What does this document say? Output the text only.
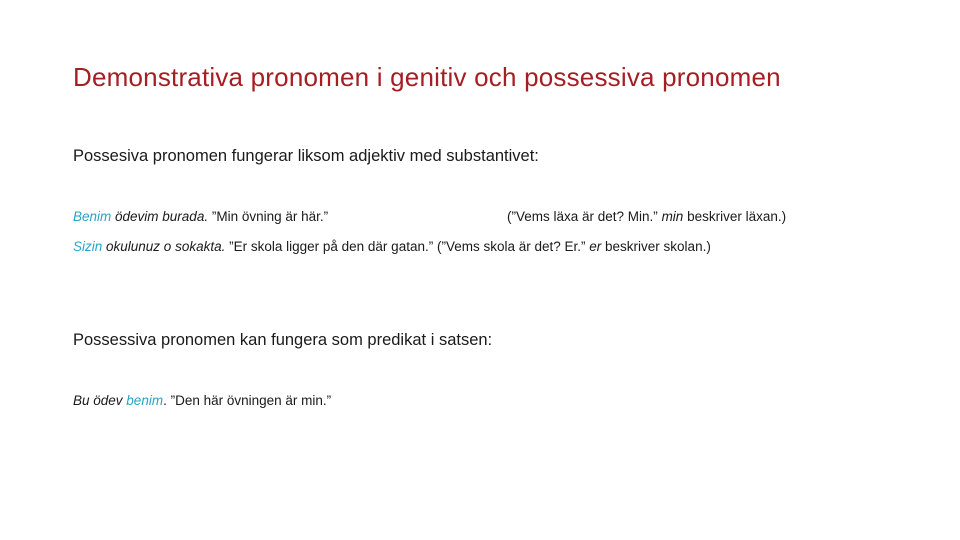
Demonstrativa pronomen i genitiv och possessiva pronomen
Possesiva pronomen fungerar liksom adjektiv med substantivet:
Benim ödevim burada. ”Min övning är här.”	(”Vems läxa är det? Min.” min beskriver läxan.)
Sizin okulunuz o sokakta. ”Er skola ligger på den där gatan.” (”Vems skola är det? Er.” er beskriver skolan.)
Possessiva pronomen kan fungera som predikat i satsen:
Bu ödev benim. ”Den här övningen är min.”
